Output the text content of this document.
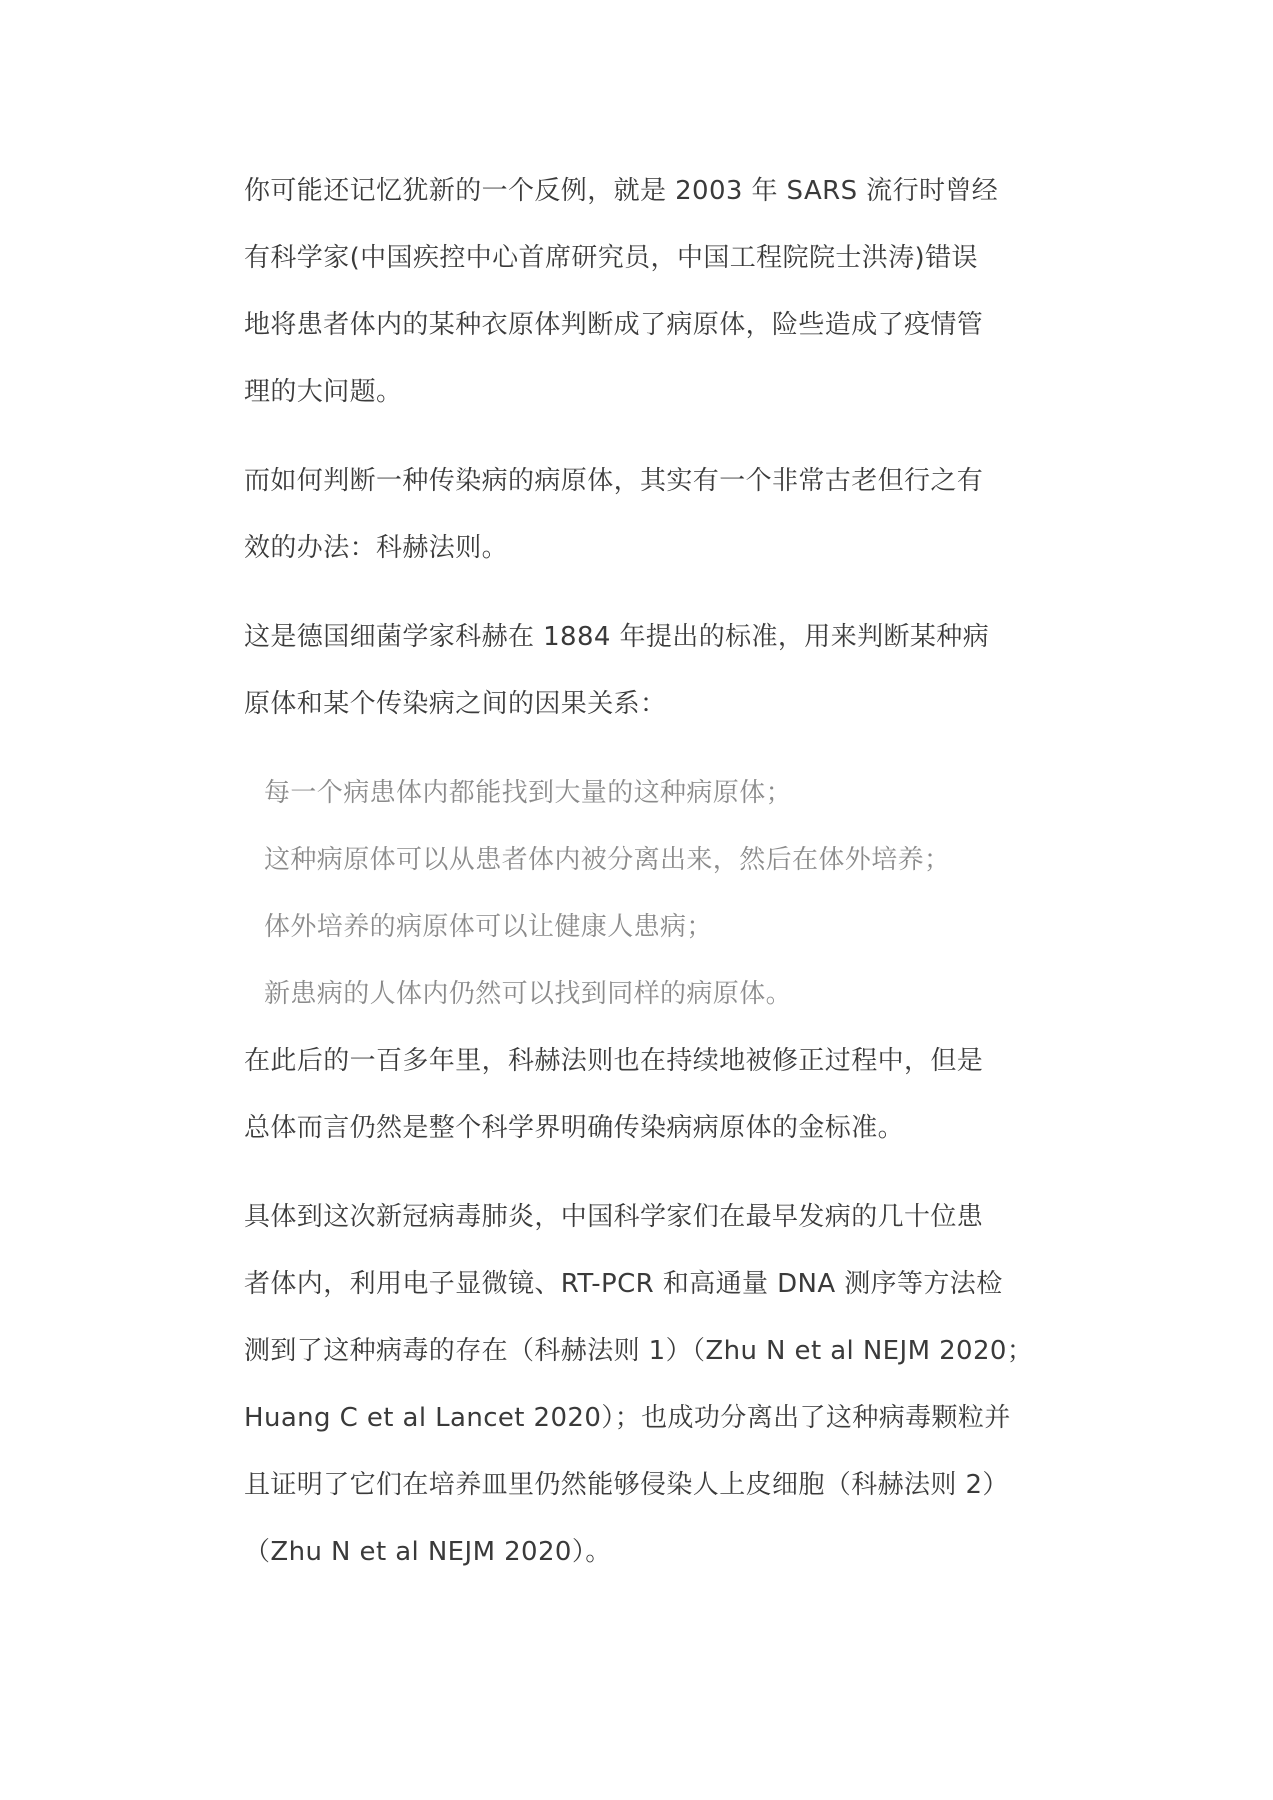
你可能还记忆犹新的一个反例，就是 2003 年 SARS 流行时曾经
有科学家(中国疾控中心首席研究员，中国工程院院士洪涛)错误
地将患者体内的某种衣原体判断成了病原体，险些造成了疫情管
理的大问题。

而如何判断一种传染病的病原体，其实有一个非常古老但行之有
效的办法：科赫法则。

这是德国细菌学家科赫在 1884 年提出的标准，用来判断某种病
原体和某个传染病之间的因果关系：

每一个病患体内都能找到大量的这种病原体；
这种病原体可以从患者体内被分离出来，然后在体外培养；
体外培养的病原体可以让健康人患病；
新患病的人体内仍然可以找到同样的病原体。

在此后的一百多年里，科赫法则也在持续地被修正过程中，但是
总体而言仍然是整个科学界明确传染病病原体的金标准。

具体到这次新冠病毒肺炎，中国科学家们在最早发病的几十位患
者体内，利用电子显微镜、RT-PCR 和高通量 DNA 测序等方法检
测到了这种病毒的存在（科赫法则 1）（Zhu N et al NEJM 2020；
Huang C et al Lancet 2020）；也成功分离出了这种病毒颗粒并
且证明了它们在培养皿里仍然能够侵染人上皮细胞（科赫法则 2）
（Zhu N et al NEJM 2020）。
